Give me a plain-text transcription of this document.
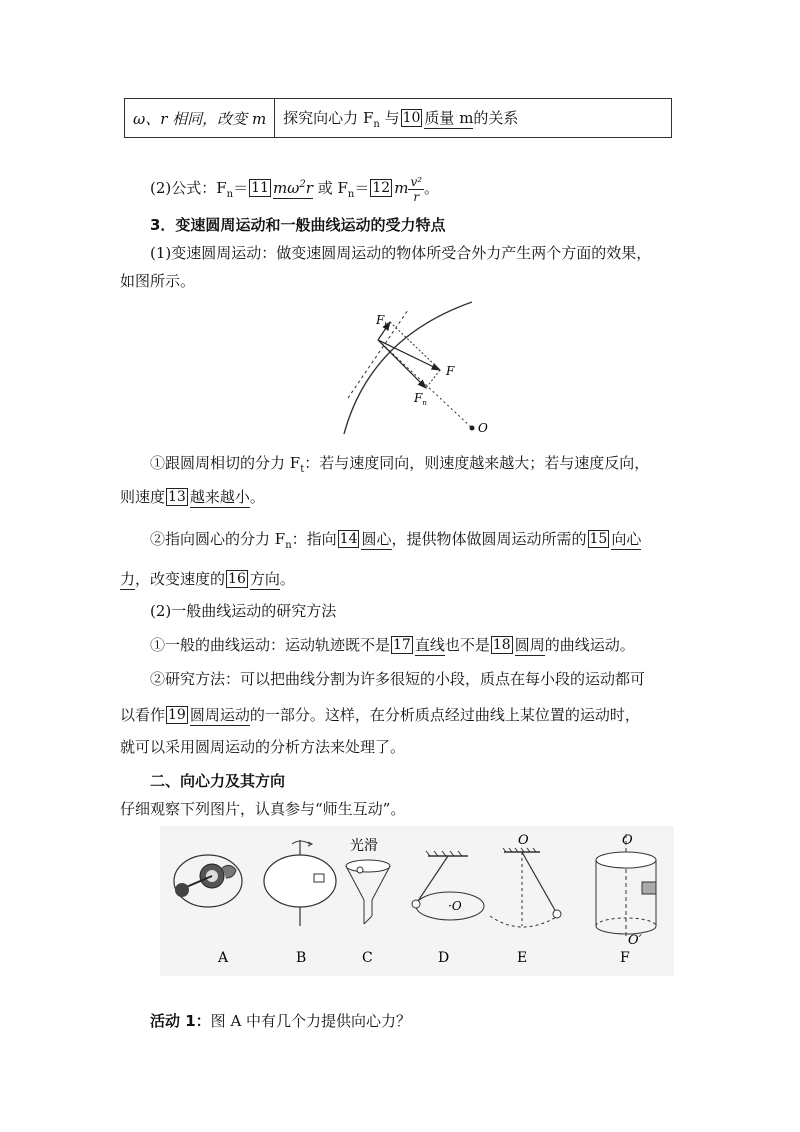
ω、r 相同，改变 m	探究向心力 $F_n$ 与 10 质量 m的关系
(2)公式：$F_n= 11$ $m\omega^2r$ 或 $F_n= 12$ m $\frac{\text{v²}}{r}$ 。
3．变速圆周运动和一般曲线运动的受力特点
(1)变速圆周运动：做变速圆周运动的物体所受合外力产生两个方面的效果，
如图所示。
$F_t$
F
$F_n$
O
①跟圆周相切的分力 $F_t$：若与速度同向，则速度越来越大；若与速度反向，
则速度 13 越来越小。
②指向圆心的分力 $F_n$：指向 14 圆心，提供物体做圆周运动所需的 15 向心
力，改变速度的 16 方向。
(2)一般曲线运动的研究方法
①一般的曲线运动：运动轨迹既不是 17 直线也不是 18 圆周的曲线运动。
②研究方法：可以把曲线分割为许多很短的小段，质点在每小段的运动都可
以看作 19 圆周运动的一部分。这样，在分析质点经过曲线上某位置的运动时，
就可以采用圆周运动的分析方法来处理了。
二、向心力及其方向
仔细观察下列图片，认真参与“师生互动”。
光滑
·O
O	O
O′
A	B	C	D	E	F
活动 1：图 A 中有几个力提供向心力？
